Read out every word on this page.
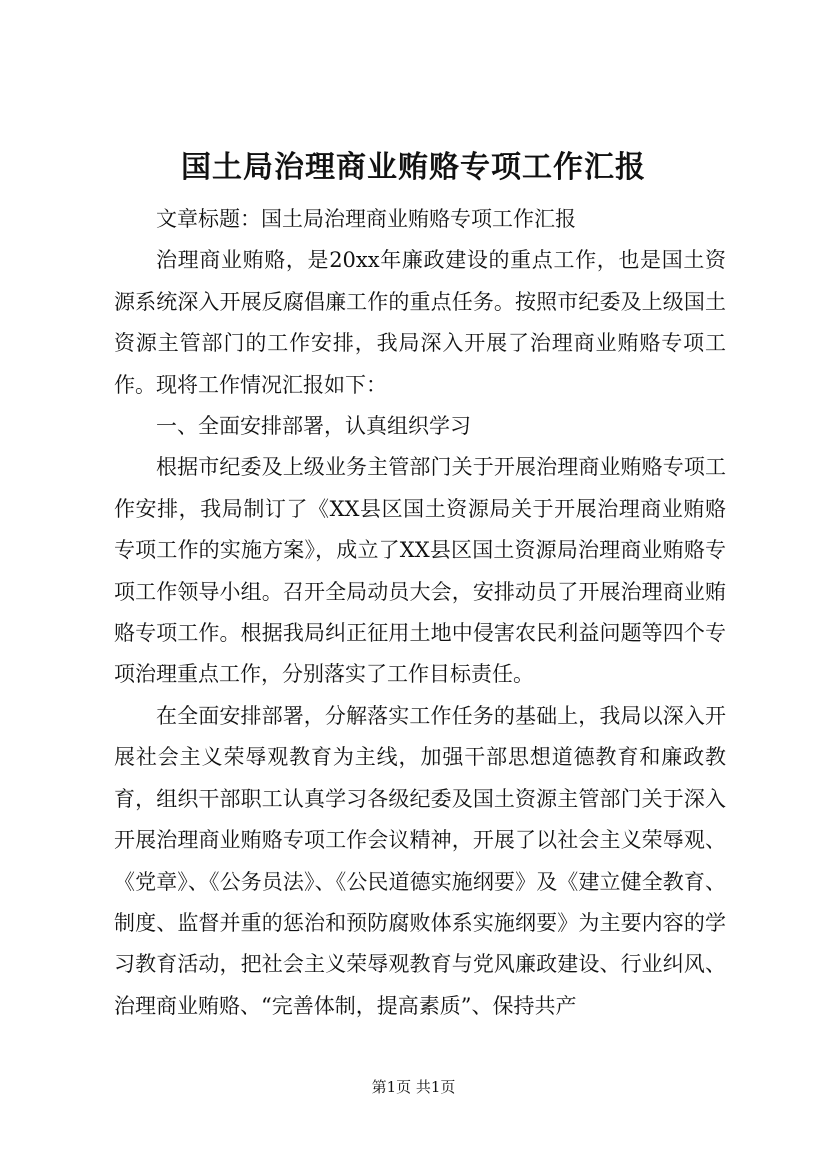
国土局治理商业贿赂专项工作汇报

文章标题：国土局治理商业贿赂专项工作汇报

治理商业贿赂，是20xx年廉政建设的重点工作，也是国土资源系统深入开展反腐倡廉工作的重点任务。按照市纪委及上级国土资源主管部门的工作安排，我局深入开展了治理商业贿赂专项工作。现将工作情况汇报如下：

一、全面安排部署，认真组织学习

根据市纪委及上级业务主管部门关于开展治理商业贿赂专项工作安排，我局制订了《XX县区国土资源局关于开展治理商业贿赂专项工作的实施方案》，成立了XX县区国土资源局治理商业贿赂专项工作领导小组。召开全局动员大会，安排动员了开展治理商业贿赂专项工作。根据我局纠正征用土地中侵害农民利益问题等四个专项治理重点工作，分别落实了工作目标责任。

在全面安排部署，分解落实工作任务的基础上，我局以深入开展社会主义荣辱观教育为主线，加强干部思想道德教育和廉政教育，组织干部职工认真学习各级纪委及国土资源主管部门关于深入开展治理商业贿赂专项工作会议精神，开展了以社会主义荣辱观、《党章》、《公务员法》、《公民道德实施纲要》及《建立健全教育、制度、监督并重的惩治和预防腐败体系实施纲要》为主要内容的学习教育活动，把社会主义荣辱观教育与党风廉政建设、行业纠风、治理商业贿赂、“完善体制，提高素质”、保持共产

第1页 共1页
